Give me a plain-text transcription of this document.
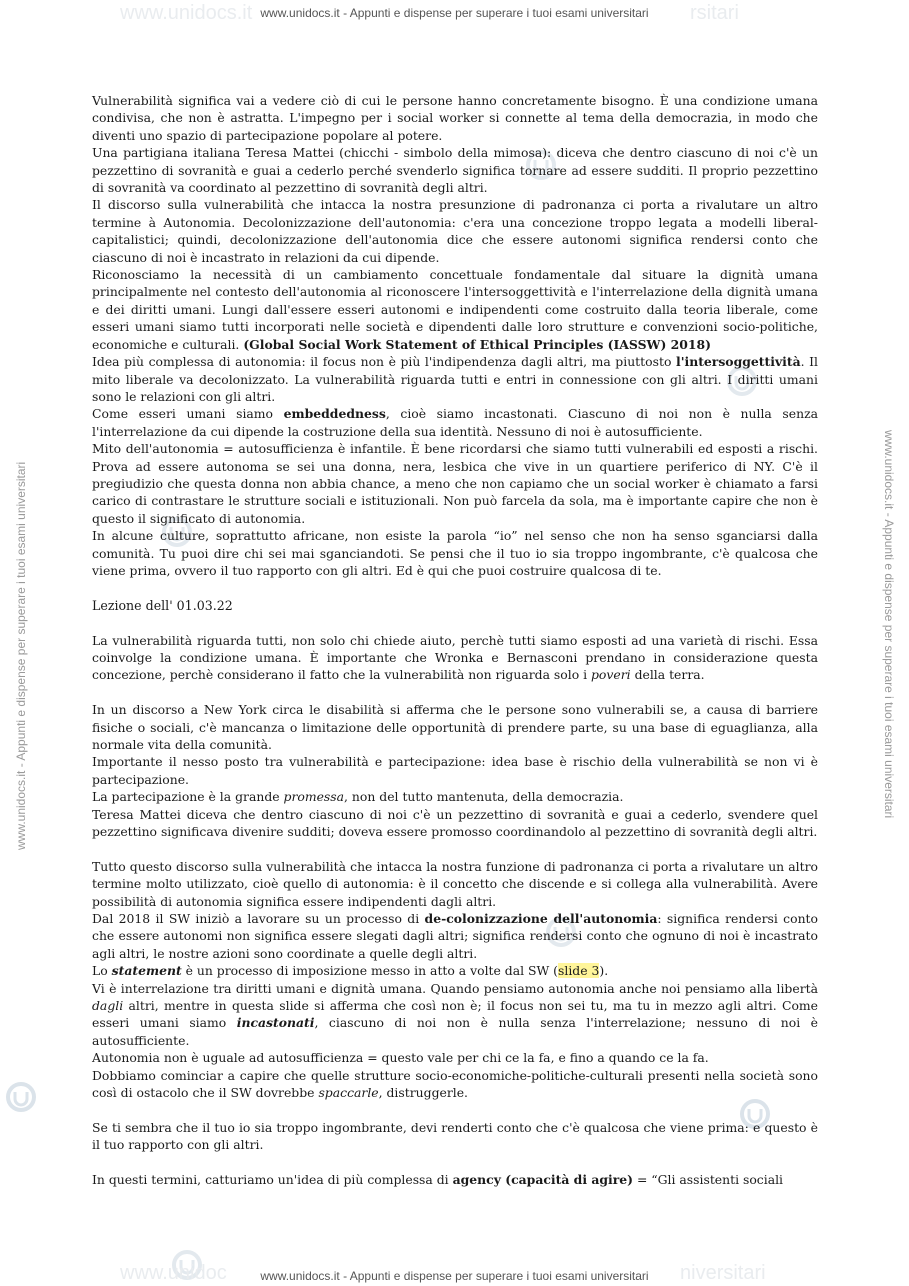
www.unidocs.it	rsitari
www.unidocs.it - Appunti e dispense per superare i tuoi esami universitari
www.unidocs.it - Appunti e dispense per superare i tuoi esami universitari	www.unidocs.it - Appunti e dispense per superare i tuoi esami universitari

Vulnerabilità significa vai a vedere ciò di cui le persone hanno concretamente bisogno. È una condizione umana condivisa, che non è astratta. L'impegno per i social worker si connette al tema della democrazia, in modo che diventi uno spazio di partecipazione popolare al potere.

Una partigiana italiana Teresa Mattei (chicchi - simbolo della mimosa): diceva che dentro ciascuno di noi c'è un pezzettino di sovranità e guai a cederlo perché svenderlo significa tornare ad essere sudditi. Il proprio pezzettino di sovranità va coordinato al pezzettino di sovranità degli altri.

Il discorso sulla vulnerabilità che intacca la nostra presunzione di padronanza ci porta a rivalutare un altro termine à Autonomia. Decolonizzazione dell'autonomia: c'era una concezione troppo legata a modelli liberal-capitalistici; quindi, decolonizzazione dell'autonomia dice che essere autonomi significa rendersi conto che ciascuno di noi è incastrato in relazioni da cui dipende.

Riconosciamo la necessità di un cambiamento concettuale fondamentale dal situare la dignità umana principalmente nel contesto dell'autonomia al riconoscere l'intersoggettività e l'interrelazione della dignità umana e dei diritti umani. Lungi dall'essere esseri autonomi e indipendenti come costruito dalla teoria liberale, come esseri umani siamo tutti incorporati nelle società e dipendenti dalle loro strutture e convenzioni socio-politiche, economiche e culturali. (Global Social Work Statement of Ethical Principles (IASSW) 2018)

Idea più complessa di autonomia: il focus non è più l'indipendenza dagli altri, ma piuttosto l'intersoggettività. Il mito liberale va decolonizzato. La vulnerabilità riguarda tutti e entri in connessione con gli altri. I diritti umani sono le relazioni con gli altri.

Come esseri umani siamo embeddedness, cioè siamo incastonati. Ciascuno di noi non è nulla senza l'interrelazione da cui dipende la costruzione della sua identità. Nessuno di noi è autosufficiente.

Mito dell'autonomia = autosufficienza è infantile. È bene ricordarsi che siamo tutti vulnerabili ed esposti a rischi. Prova ad essere autonoma se sei una donna, nera, lesbica che vive in un quartiere periferico di NY. C'è il pregiudizio che questa donna non abbia chance, a meno che non capiamo che un social worker è chiamato a farsi carico di contrastare le strutture sociali e istituzionali. Non può farcela da sola, ma è importante capire che non è questo il significato di autonomia.

In alcune culture, soprattutto africane, non esiste la parola “io” nel senso che non ha senso sganciarsi dalla comunità. Tu puoi dire chi sei mai sganciandoti. Se pensi che il tuo io sia troppo ingombrante, c'è qualcosa che viene prima, ovvero il tuo rapporto con gli altri. Ed è qui che puoi costruire qualcosa di te.

Lezione dell' 01.03.22

La vulnerabilità riguarda tutti, non solo chi chiede aiuto, perchè tutti siamo esposti ad una varietà di rischi. Essa coinvolge la condizione umana. È importante che Wronka e Bernasconi prendano in considerazione questa concezione, perchè considerano il fatto che la vulnerabilità non riguarda solo i poveri della terra.

In un discorso a New York circa le disabilità si afferma che le persone sono vulnerabili se, a causa di barriere fisiche o sociali, c'è mancanza o limitazione delle opportunità di prendere parte, su una base di eguaglianza, alla normale vita della comunità.

Importante il nesso posto tra vulnerabilità e partecipazione: idea base è rischio della vulnerabilità se non vi è partecipazione.

La partecipazione è la grande promessa, non del tutto mantenuta, della democrazia.

Teresa Mattei diceva che dentro ciascuno di noi c'è un pezzettino di sovranità e guai a cederlo, svendere quel pezzettino significava divenire sudditi; doveva essere promosso coordinandolo al pezzettino di sovranità degli altri.

Tutto questo discorso sulla vulnerabilità che intacca la nostra funzione di padronanza ci porta a rivalutare un altro termine molto utilizzato, cioè quello di autonomia: è il concetto che discende e si collega alla vulnerabilità. Avere possibilità di autonomia significa essere indipendenti dagli altri.

Dal 2018 il SW iniziò a lavorare su un processo di de-colonizzazione dell'autonomia: significa rendersi conto che essere autonomi non significa essere slegati dagli altri; significa rendersi conto che ognuno di noi è incastrato agli altri, le nostre azioni sono coordinate a quelle degli altri.

Lo statement è un processo di imposizione messo in atto a volte dal SW (slide 3).

Vi è interrelazione tra diritti umani e dignità umana. Quando pensiamo autonomia anche noi pensiamo alla libertà dagli altri, mentre in questa slide si afferma che così non è; il focus non sei tu, ma tu in mezzo agli altri. Come esseri umani siamo incastonati, ciascuno di noi non è nulla senza l'interrelazione; nessuno di noi è autosufficiente.

Autonomia non è uguale ad autosufficienza = questo vale per chi ce la fa, e fino a quando ce la fa.

Dobbiamo cominciar a capire che quelle strutture socio-economiche-politiche-culturali presenti nella società sono così di ostacolo che il SW dovrebbe spaccarle, distruggerle.

Se ti sembra che il tuo io sia troppo ingombrante, devi renderti conto che c'è qualcosa che viene prima: e questo è il tuo rapporto con gli altri.

In questi termini, catturiamo un'idea di più complessa di agency (capacità di agire) = “Gli assistenti sociali

www.unidoc	niversitari
www.unidocs.it - Appunti e dispense per superare i tuoi esami universitari
